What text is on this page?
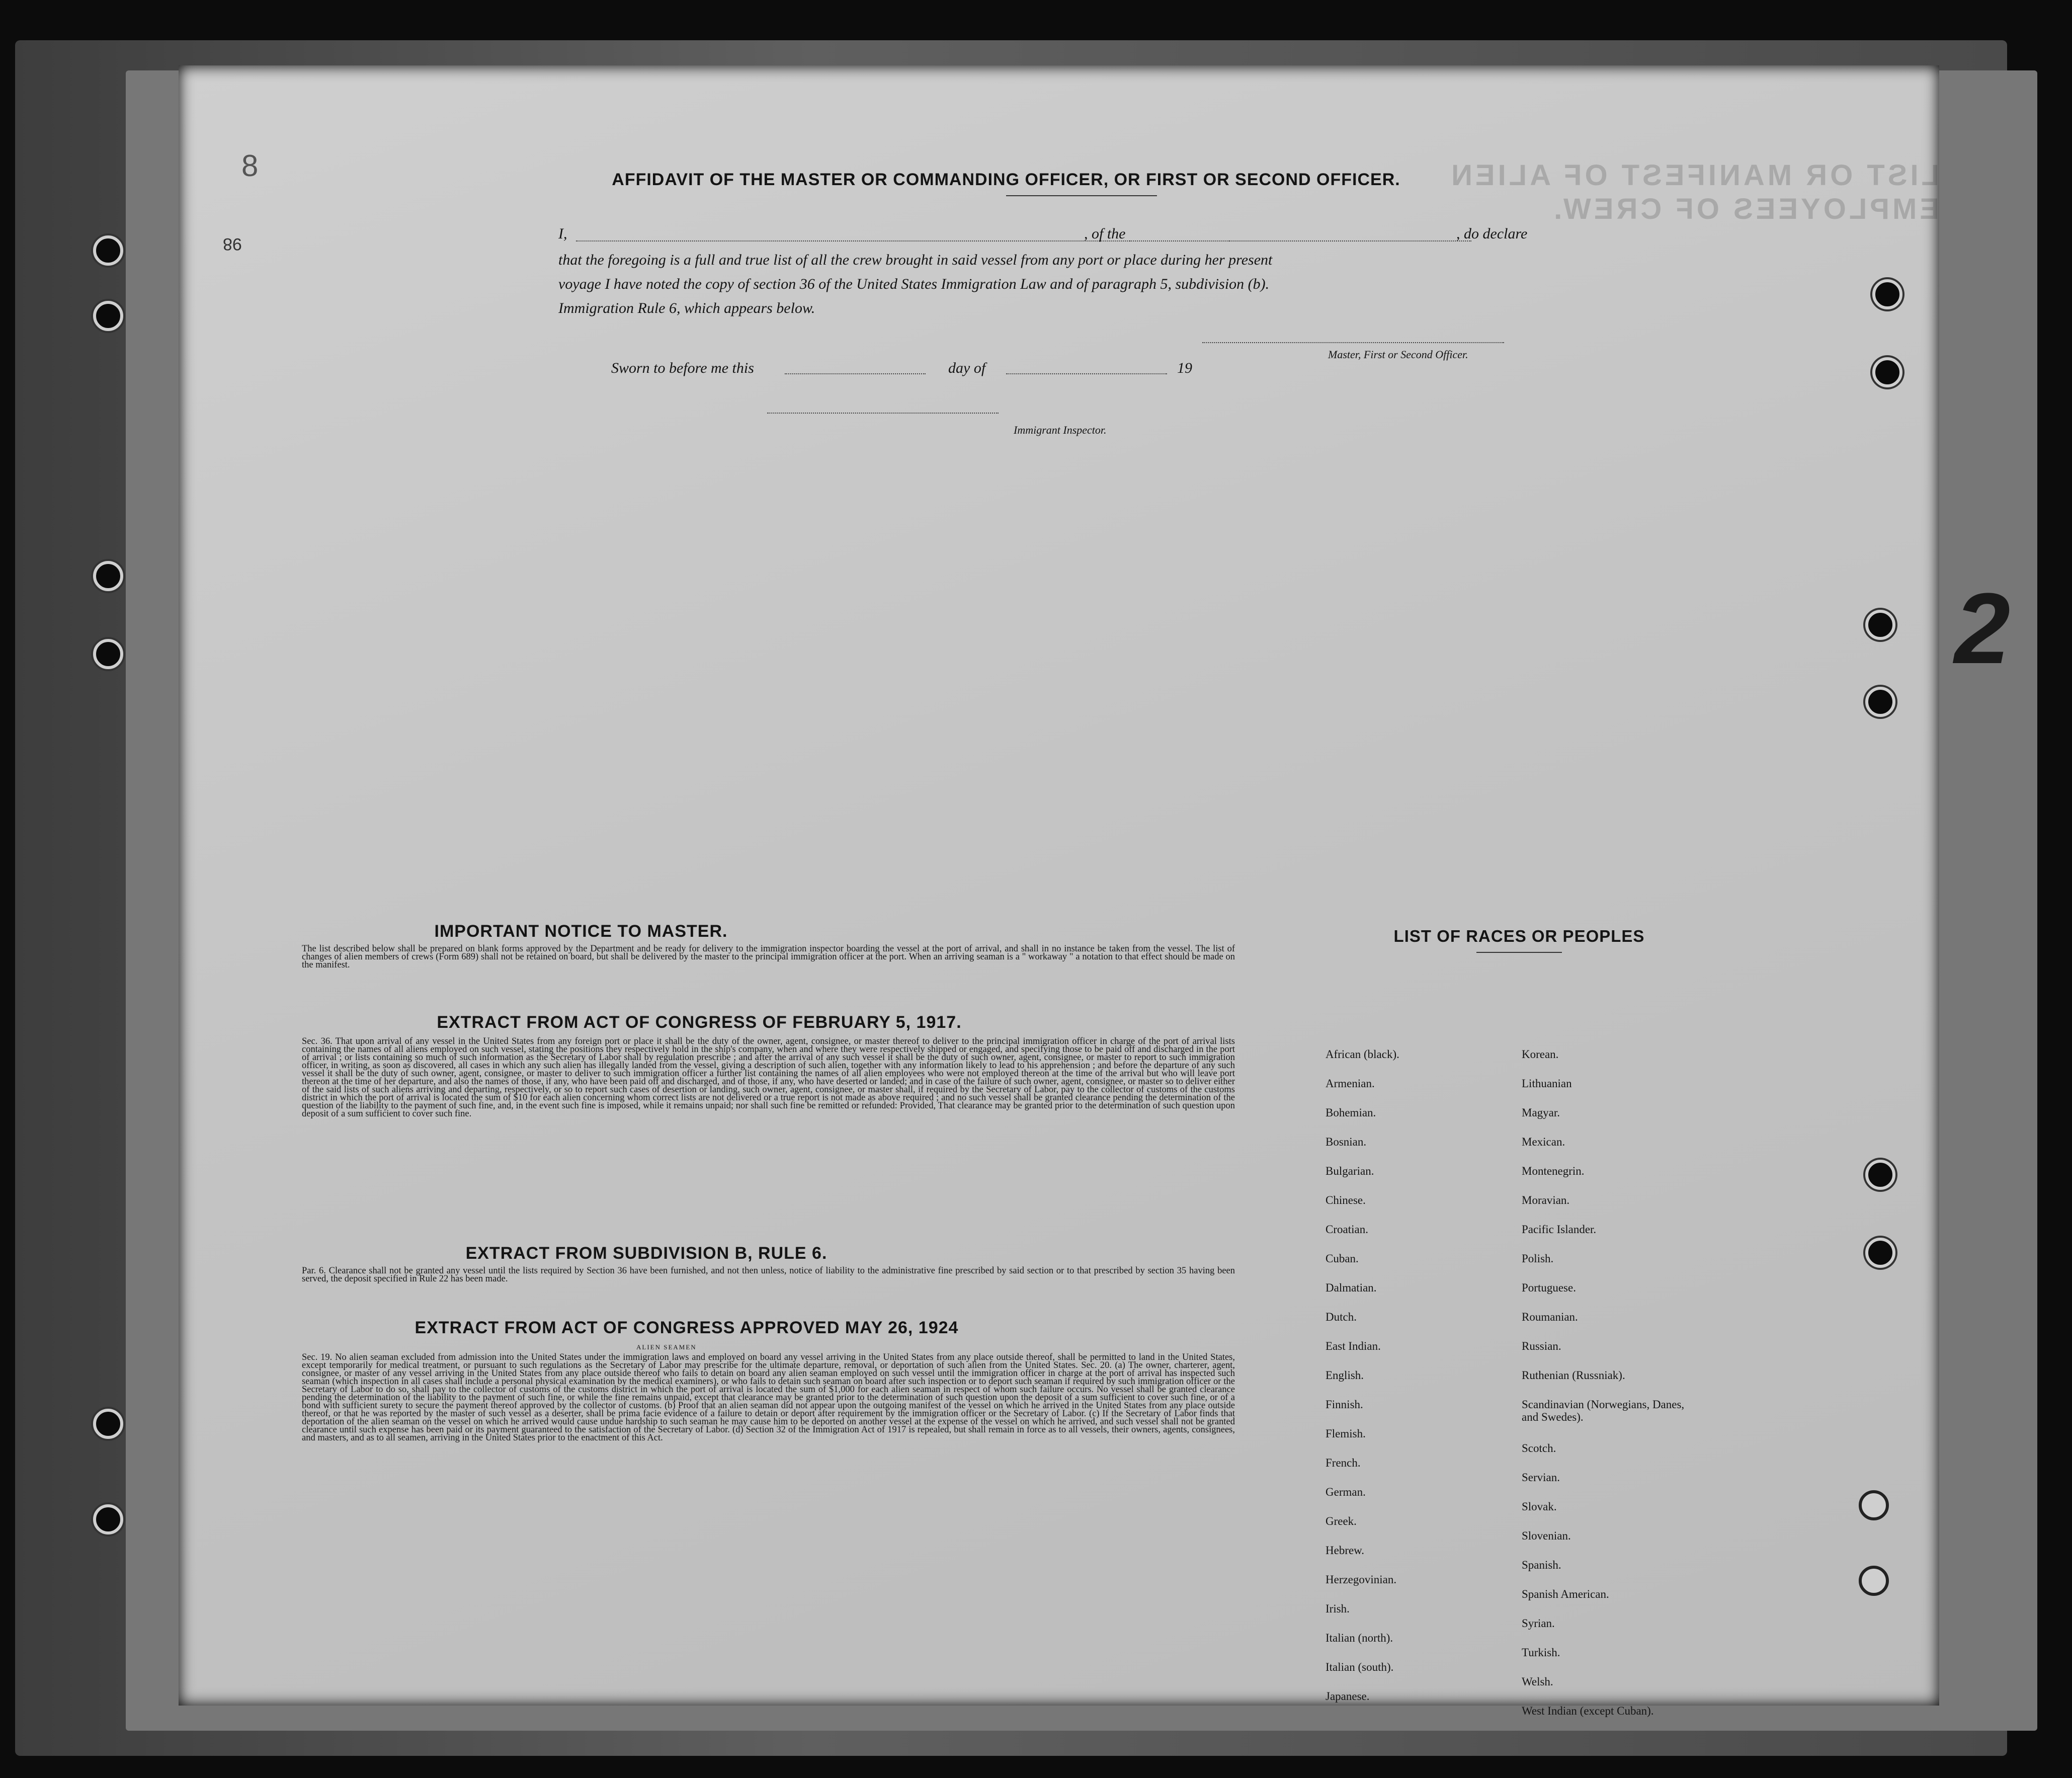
LIST OR MANIFEST OF ALIEN EMPLOYEES OF CREW.
8
98
AFFIDAVIT OF THE MASTER OR COMMANDING OFFICER, OR FIRST OR SECOND OFFICER.
I,	, of the	, do declare
that the foregoing is a full and true list of all the crew brought in said vessel from any port or place during her present
voyage I have noted the copy of section 36 of the United States Immigration Law and of paragraph 5, subdivision (b).
Immigration Rule 6, which appears below.
Master, First or Second Officer.
Sworn to before me this	day of	19
Immigrant Inspector.
IMPORTANT NOTICE TO MASTER.
The list described below shall be prepared on blank forms approved by the Department and be ready for delivery to the immigration inspector boarding the vessel at the port of arrival, and shall in no instance be taken from the vessel. The list of changes of alien members of crews (Form 689) shall not be retained on board, but shall be delivered by the master to the principal immigration officer at the port. When an arriving seaman is a " workaway " a notation to that effect should be made on the manifest.
EXTRACT FROM ACT OF CONGRESS OF FEBRUARY 5, 1917.
Sec. 36. That upon arrival of any vessel in the United States from any foreign port or place it shall be the duty of the owner, agent, consignee, or master thereof to deliver to the principal immigration officer in charge of the port of arrival lists containing the names of all aliens employed on such vessel, stating the positions they respectively hold in the ship's company, when and where they were respectively shipped or engaged, and specifying those to be paid off and discharged in the port of arrival ; or lists containing so much of such information as the Secretary of Labor shall by regulation prescribe ; and after the arrival of any such vessel it shall be the duty of such owner, agent, consignee, or master to report to such immigration officer, in writing, as soon as discovered, all cases in which any such alien has illegally landed from the vessel, giving a description of such alien, together with any information likely to lead to his apprehension ; and before the departure of any such vessel it shall be the duty of such owner, agent, consignee, or master to deliver to such immigration officer a further list containing the names of all alien employees who were not employed thereon at the time of the arrival but who will leave port thereon at the time of her departure, and also the names of those, if any, who have been paid off and discharged, and of those, if any, who have deserted or landed; and in case of the failure of such owner, agent, consignee, or master so to deliver either of the said lists of such aliens arriving and departing, respectively, or so to report such cases of desertion or landing, such owner, agent, consignee, or master shall, if required by the Secretary of Labor, pay to the collector of customs of the customs district in which the port of arrival is located the sum of $10 for each alien concerning whom correct lists are not delivered or a true report is not made as above required ; and no such vessel shall be granted clearance pending the determination of the question of the liability to the payment of such fine, and, in the event such fine is imposed, while it remains unpaid; nor shall such fine be remitted or refunded: Provided, That clearance may be granted prior to the determination of such question upon deposit of a sum sufficient to cover such fine.
EXTRACT FROM SUBDIVISION B, RULE 6.
Par. 6. Clearance shall not be granted any vessel until the lists required by Section 36 have been furnished, and not then unless, notice of liability to the administrative fine prescribed by said section or to that prescribed by section 35 having been served, the deposit specified in Rule 22 has been made.
EXTRACT FROM ACT OF CONGRESS APPROVED MAY 26, 1924
ALIEN SEAMEN
Sec. 19. No alien seaman excluded from admission into the United States under the immigration laws and employed on board any vessel arriving in the United States from any place outside thereof, shall be permitted to land in the United States, except temporarily for medical treatment, or pursuant to such regulations as the Secretary of Labor may prescribe for the ultimate departure, removal, or deportation of such alien from the United States. Sec. 20. (a) The owner, charterer, agent, consignee, or master of any vessel arriving in the United States from any place outside thereof who fails to detain on board any alien seaman employed on such vessel until the immigration officer in charge at the port of arrival has inspected such seaman (which inspection in all cases shall include a personal physical examination by the medical examiners), or who fails to detain such seaman on board after such inspection or to deport such seaman if required by such immigration officer or the Secretary of Labor to do so, shall pay to the collector of customs of the customs district in which the port of arrival is located the sum of $1,000 for each alien seaman in respect of whom such failure occurs. No vessel shall be granted clearance pending the determination of the liability to the payment of such fine, or while the fine remains unpaid, except that clearance may be granted prior to the determination of such question upon the deposit of a sum sufficient to cover such fine, or of a bond with sufficient surety to secure the payment thereof approved by the collector of customs. (b) Proof that an alien seaman did not appear upon the outgoing manifest of the vessel on which he arrived in the United States from any place outside thereof, or that he was reported by the master of such vessel as a deserter, shall be prima facie evidence of a failure to detain or deport after requirement by the immigration officer or the Secretary of Labor. (c) If the Secretary of Labor finds that deportation of the alien seaman on the vessel on which he arrived would cause undue hardship to such seaman he may cause him to be deported on another vessel at the expense of the vessel on which he arrived, and such vessel shall not be granted clearance until such expense has been paid or its payment guaranteed to the satisfaction of the Secretary of Labor. (d) Section 32 of the Immigration Act of 1917 is repealed, but shall remain in force as to all vessels, their owners, agents, consignees, and masters, and as to all seamen, arriving in the United States prior to the enactment of this Act.
LIST OF RACES OR PEOPLES
African (black).
Armenian.
Bohemian.
Bosnian.
Bulgarian.
Chinese.
Croatian.
Cuban.
Dalmatian.
Dutch.
East Indian.
English.
Finnish.
Flemish.
French.
German.
Greek.
Hebrew.
Herzegovinian.
Irish.
Italian (north).
Italian (south).
Japanese.
Korean.
Lithuanian
Magyar.
Mexican.
Montenegrin.
Moravian.
Pacific Islander.
Polish.
Portuguese.
Roumanian.
Russian.
Ruthenian (Russniak).
Scandinavian (Norwegians, Danes, and Swedes).
Scotch.
Servian.
Slovak.
Slovenian.
Spanish.
Spanish American.
Syrian.
Turkish.
Welsh.
West Indian (except Cuban).
2
